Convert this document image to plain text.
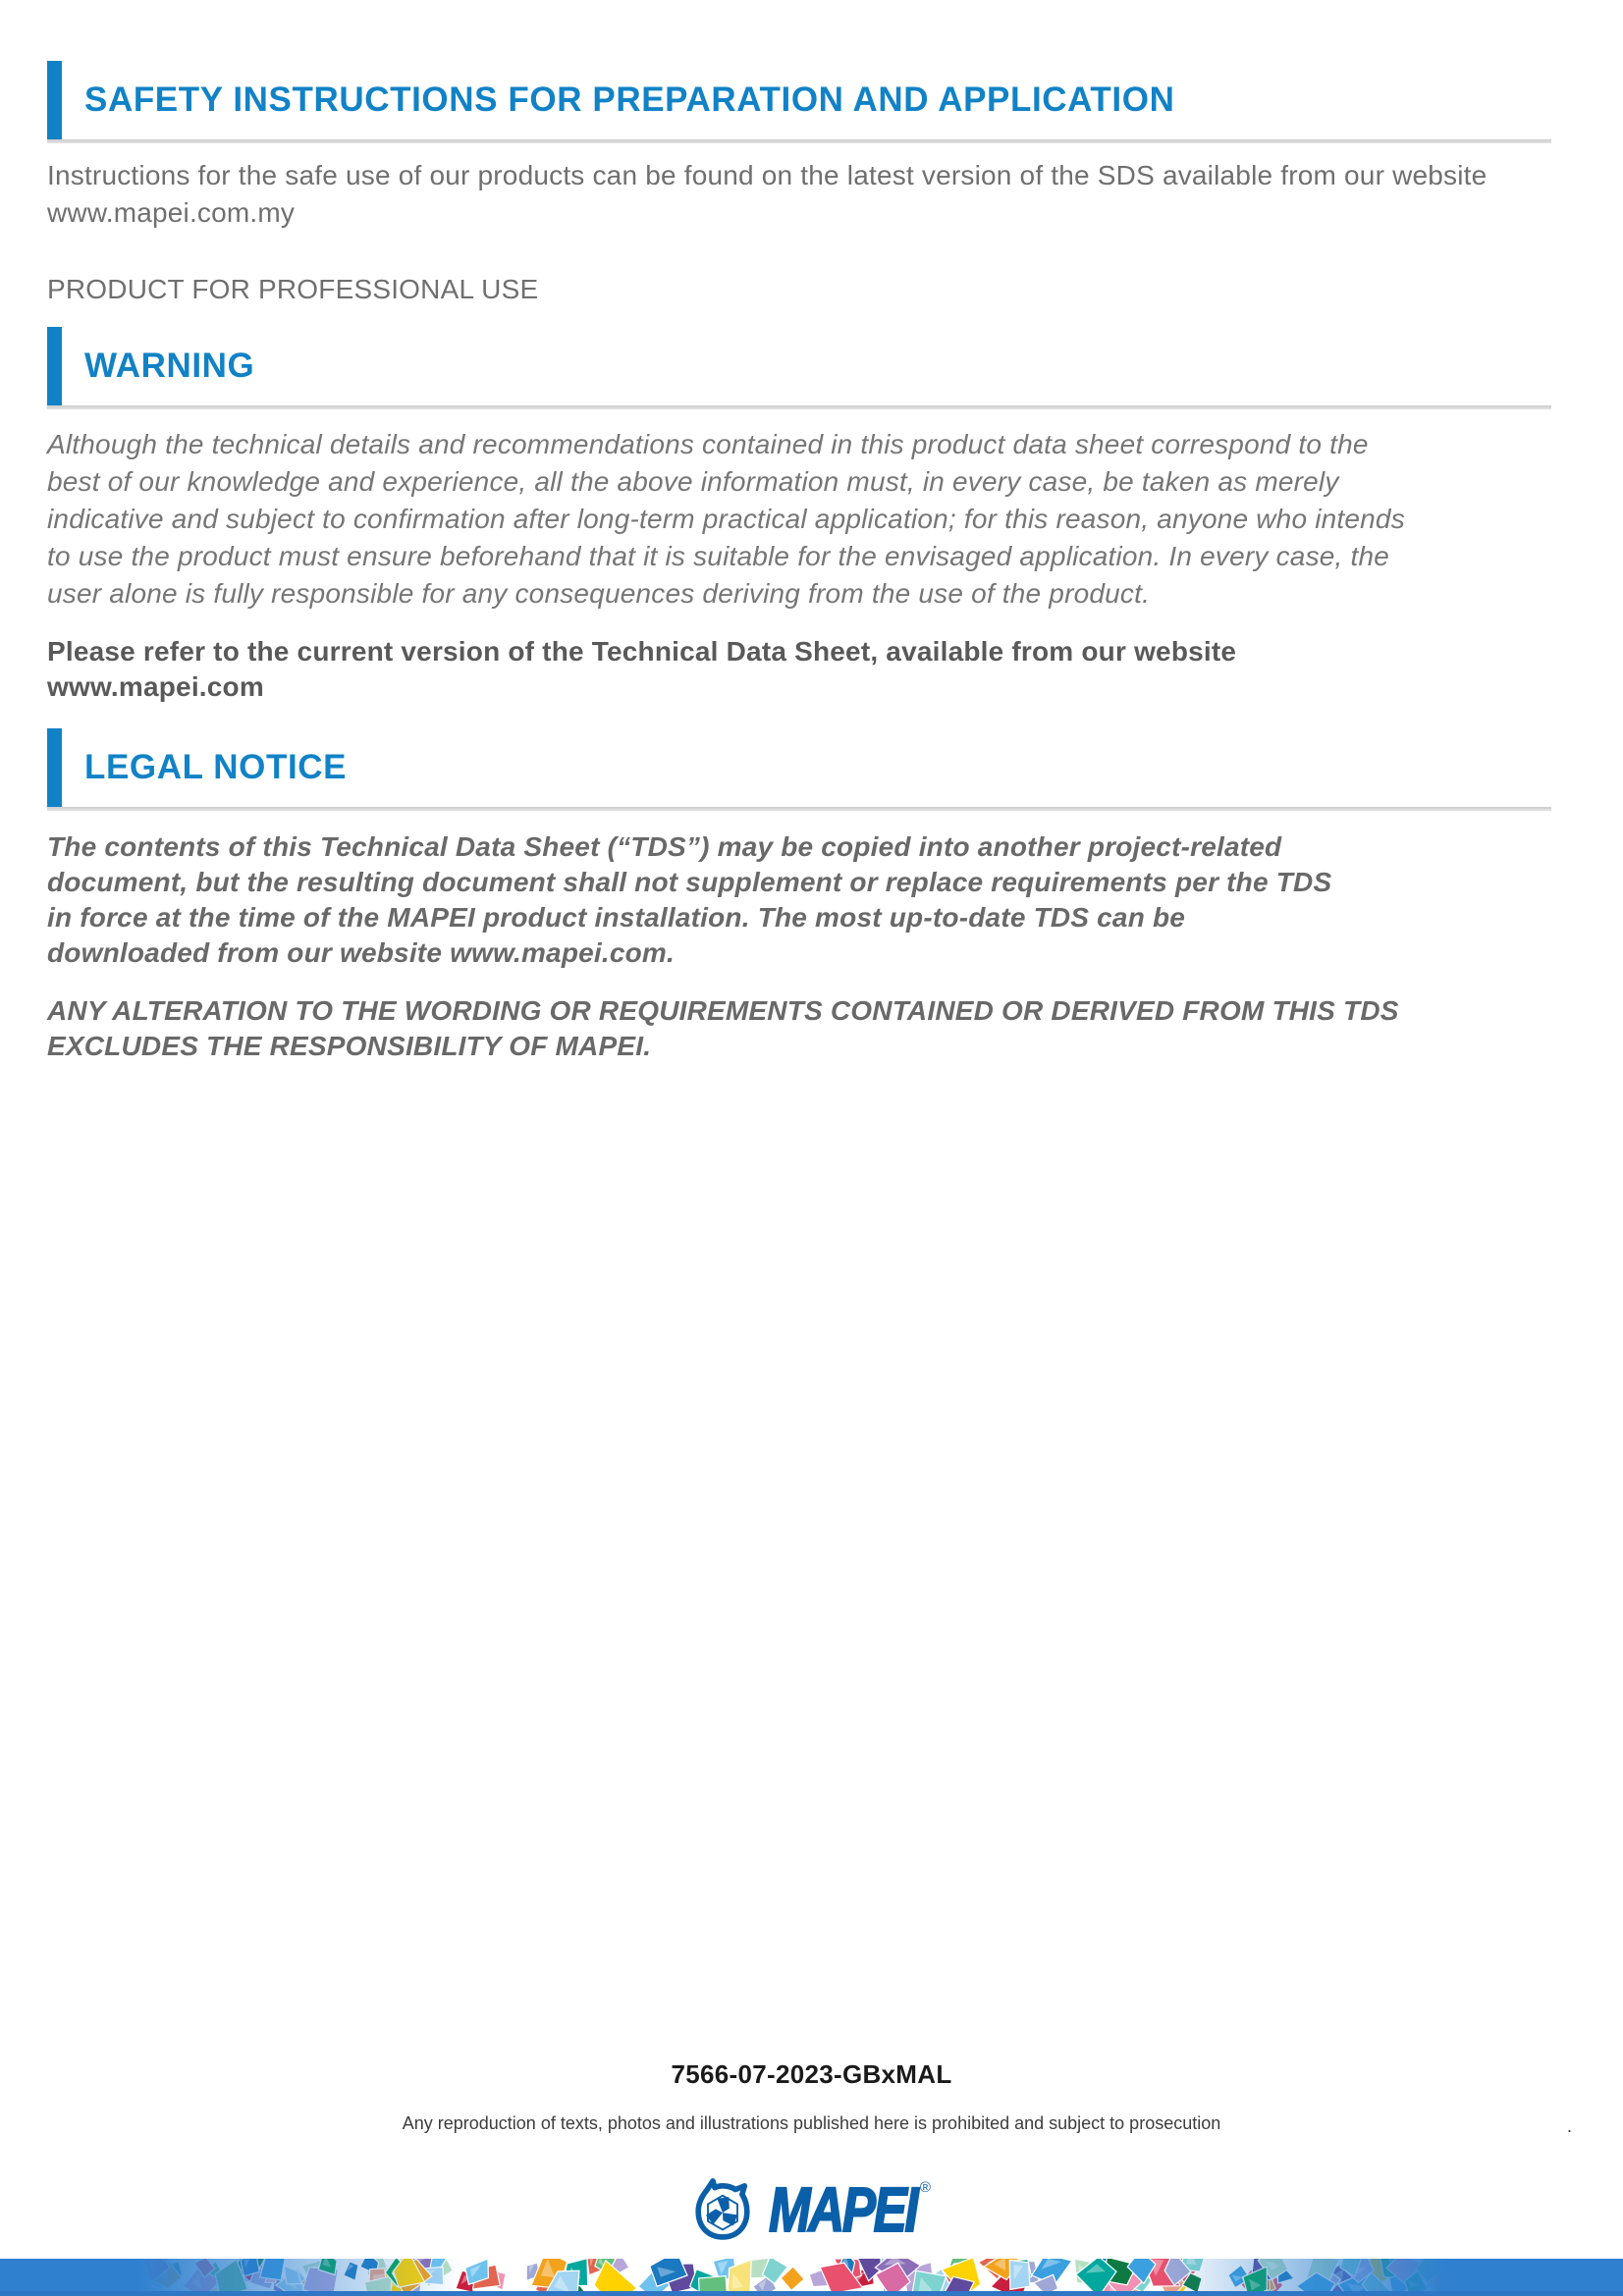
SAFETY INSTRUCTIONS FOR PREPARATION AND APPLICATION
Instructions for the safe use of our products can be found on the latest version of the SDS available from our website www.mapei.com.my
PRODUCT FOR PROFESSIONAL USE
WARNING
Although the technical details and recommendations contained in this product data sheet correspond to the best of our knowledge and experience, all the above information must, in every case, be taken as merely indicative and subject to confirmation after long-term practical application; for this reason, anyone who intends to use the product must ensure beforehand that it is suitable for the envisaged application. In every case, the user alone is fully responsible for any consequences deriving from the use of the product.
Please refer to the current version of the Technical Data Sheet, available from our website www.mapei.com
LEGAL NOTICE
The contents of this Technical Data Sheet (“TDS”) may be copied into another project-related document, but the resulting document shall not supplement or replace requirements per the TDS in force at the time of the MAPEI product installation. The most up-to-date TDS can be downloaded from our website www.mapei.com.
ANY ALTERATION TO THE WORDING OR REQUIREMENTS CONTAINED OR DERIVED FROM THIS TDS EXCLUDES THE RESPONSIBILITY OF MAPEI.
7566-07-2023-GBxMAL
Any reproduction of texts, photos and illustrations published here is prohibited and subject to prosecution	.
MAPEI ®
